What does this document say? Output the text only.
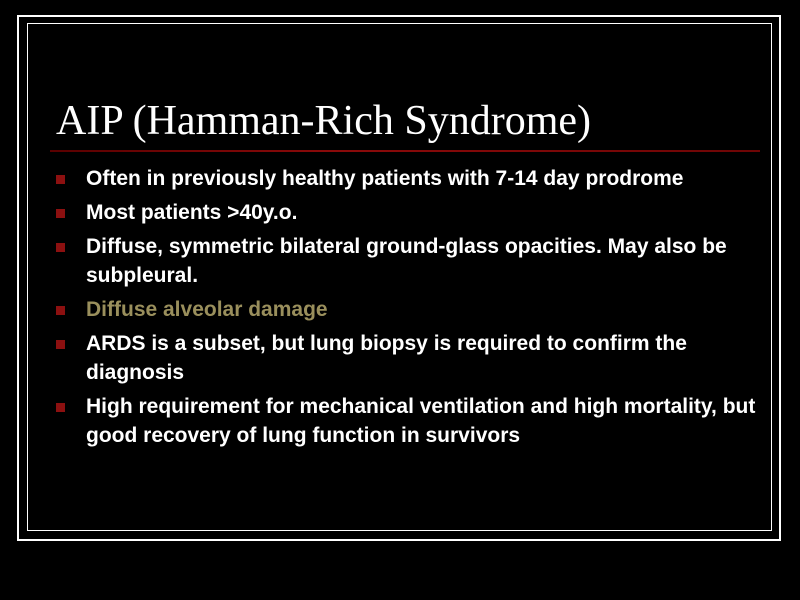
AIP (Hamman-Rich Syndrome)
Often in previously healthy patients with 7-14 day prodrome
Most patients >40y.o.
Diffuse, symmetric bilateral ground-glass opacities. May also be subpleural.
Diffuse alveolar damage
ARDS is a subset, but lung biopsy is required to confirm the diagnosis
High requirement for mechanical ventilation and high mortality, but good recovery of lung function in survivors
